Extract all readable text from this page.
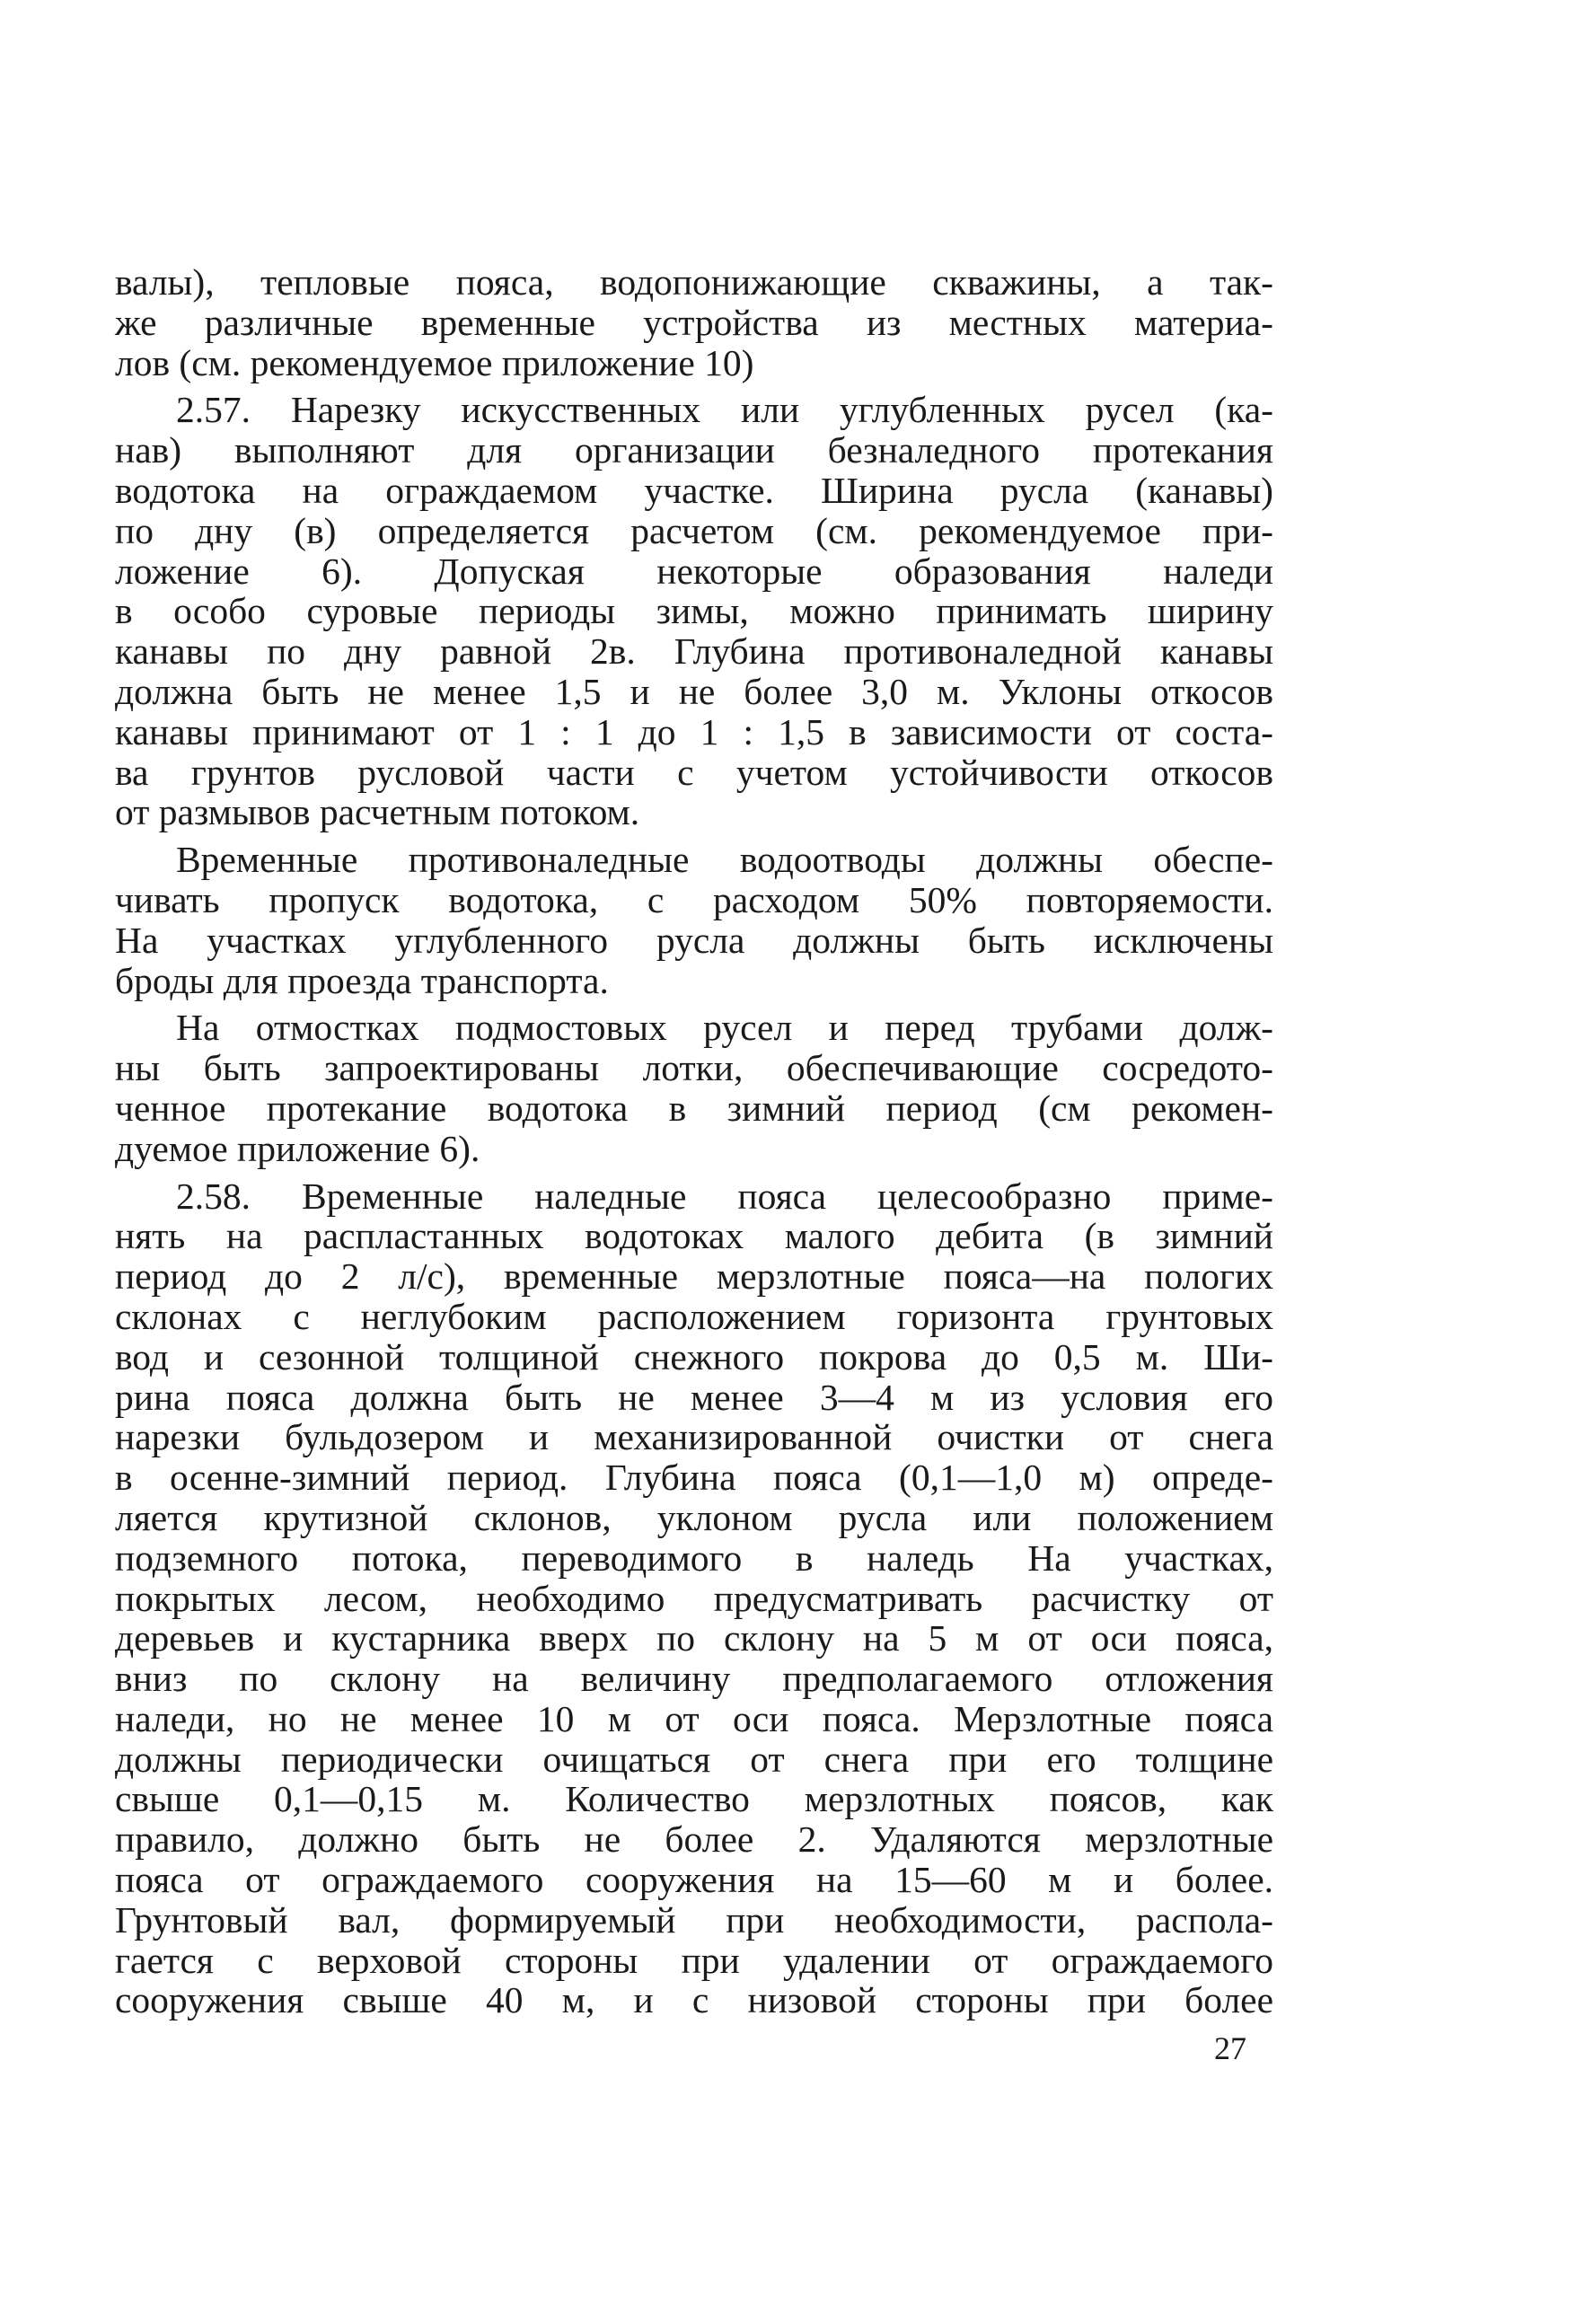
валы), тепловые пояса, водопонижающие скважины, а так-
же различные временные устройства из местных материа-
лов (см. рекомендуемое приложение 10)
2.57. Нарезку искусственных или углубленных русел (ка-
нав) выполняют для организации безналедного протекания
водотока на ограждаемом участке. Ширина русла (канавы)
по дну (в) определяется расчетом (см. рекомендуемое при-
ложение 6). Допуская некоторые образования наледи
в особо суровые периоды зимы, можно принимать ширину
канавы по дну равной 2в. Глубина противоналедной канавы
должна быть не менее 1,5 и не более 3,0 м. Уклоны откосов
канавы принимают от 1 : 1 до 1 : 1,5 в зависимости от соста-
ва грунтов русловой части с учетом устойчивости откосов
от размывов расчетным потоком.
Временные противоналедные водоотводы должны обеспе-
чивать пропуск водотока, с расходом 50% повторяемости.
На участках углубленного русла должны быть исключены
броды для проезда транспорта.
На отмостках подмостовых русел и перед трубами долж-
ны быть запроектированы лотки, обеспечивающие сосредото-
ченное протекание водотока в зимний период (см рекомен-
дуемое приложение 6).
2.58. Временные наледные пояса целесообразно приме-
нять на распластанных водотоках малого дебита (в зимний
период до 2 л/с), временные мерзлотные пояса—на пологих
склонах с неглубоким расположением горизонта грунтовых
вод и сезонной толщиной снежного покрова до 0,5 м. Ши-
рина пояса должна быть не менее 3—4 м из условия его
нарезки бульдозером и механизированной очистки от снега
в осенне-зимний период. Глубина пояса (0,1—1,0 м) опреде-
ляется крутизной склонов, уклоном русла или положением
подземного потока, переводимого в наледь На участках,
покрытых лесом, необходимо предусматривать расчистку от
деревьев и кустарника вверх по склону на 5 м от оси пояса,
вниз по склону на величину предполагаемого отложения
наледи, но не менее 10 м от оси пояса. Мерзлотные пояса
должны периодически очищаться от снега при его толщине
свыше 0,1—0,15 м. Количество мерзлотных поясов, как
правило, должно быть не более 2. Удаляются мерзлотные
пояса от ограждаемого сооружения на 15—60 м и более.
Грунтовый вал, формируемый при необходимости, распола-
гается с верховой стороны при удалении от ограждаемого
сооружения свыше 40 м, и с низовой стороны при более
27
